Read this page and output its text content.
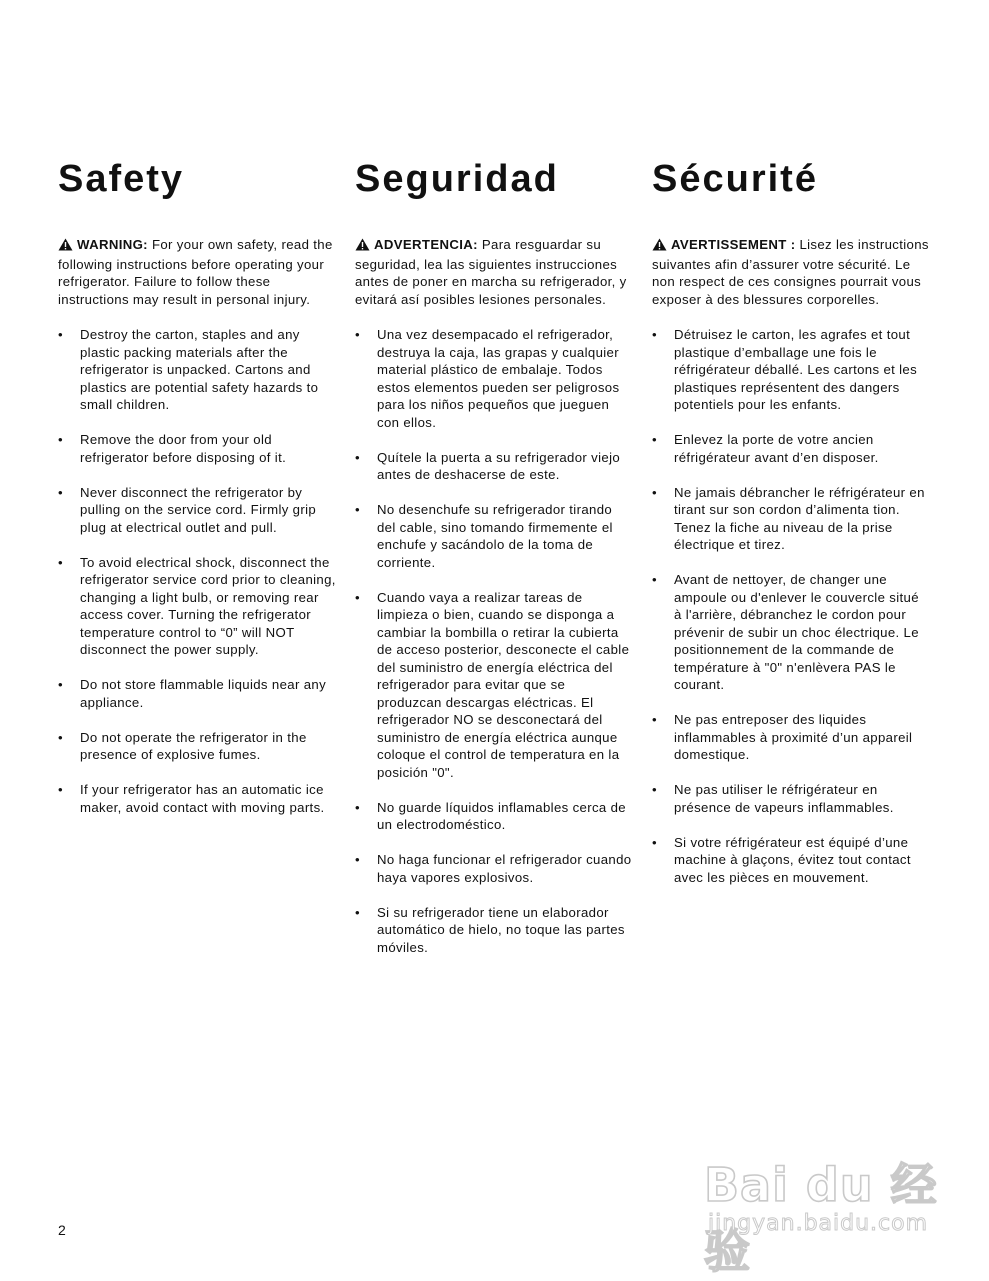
Safety

WARNING: For your own safety, read the following instructions before operating your refrigerator. Failure to follow these instructions may result in personal injury.

• Destroy the carton, staples and any plastic packing materials after the refrigerator is unpacked. Cartons and plastics are potential safety hazards to small children.
• Remove the door from your old refrigerator before disposing of it.
• Never disconnect the refrigerator by pulling on the service cord. Firmly grip plug at electrical outlet and pull.
• To avoid electrical shock, disconnect the refrigerator service cord prior to cleaning, changing a light bulb, or removing rear access cover. Turning the refrigerator temperature control to “0” will NOT disconnect the power supply.
• Do not store flammable liquids near any appliance.
• Do not operate the refrigerator in the presence of explosive fumes.
• If your refrigerator has an automatic ice maker, avoid contact with moving parts.
Seguridad

ADVERTENCIA: Para resguardar su seguridad, lea las siguientes instrucciones antes de poner en marcha su refrigerador, y evitará así posibles lesiones personales.

• Una vez desempacado el refrigerador, destruya la caja, las grapas y cualquier material plástico de embalaje. Todos estos elementos pueden ser peligrosos para los niños pequeños que jueguen con ellos.
• Quítele la puerta a su refrigerador viejo antes de deshacerse de este.
• No desenchufe su refrigerador tirando del cable, sino tomando firmemente el enchufe y sacándolo de la toma de corriente.
• Cuando vaya a realizar tareas de limpieza o bien, cuando se disponga a cambiar la bombilla o retirar la cubierta de acceso posterior, desconecte el cable del suministro de energía eléctrica del refrigerador para evitar que se produzcan descargas eléctricas. El refrigerador NO se desconectará del suministro de energía eléctrica aunque coloque el control de temperatura en la posición "0".
• No guarde líquidos inflamables cerca de un electrodoméstico.
• No haga funcionar el refrigerador cuando haya vapores explosivos.
• Si su refrigerador tiene un elaborador automático de hielo, no toque las partes móviles.
Sécurité

AVERTISSEMENT : Lisez les instructions suivantes afin d’assurer votre sécurité. Le non respect de ces consignes pourrait vous exposer à des blessures corporelles.

• Détruisez le carton, les agrafes et tout plastique d’emballage une fois le réfrigérateur déballé. Les cartons et les plastiques représentent des dangers potentiels pour les enfants.
• Enlevez la porte de votre ancien réfrigérateur avant d’en disposer.
• Ne jamais débrancher le réfrigérateur en tirant sur son cordon d’alimenta tion. Tenez la fiche au niveau de la prise électrique et tirez.
• Avant de nettoyer, de changer une ampoule ou d'enlever le couvercle situé à l'arrière, débranchez le cordon pour prévenir de subir un choc électrique. Le positionnement de la commande de température à "0" n'enlèvera PAS le courant.
• Ne pas entreposer des liquides inflammables à proximité d’un appareil domestique.
• Ne pas utiliser le réfrigérateur en présence de vapeurs inflammables.
• Si votre réfrigérateur est équipé d’une machine à glaçons, évitez tout contact avec les pièces en mouvement.
2
Bai du 经验
jingyan.baidu.com
